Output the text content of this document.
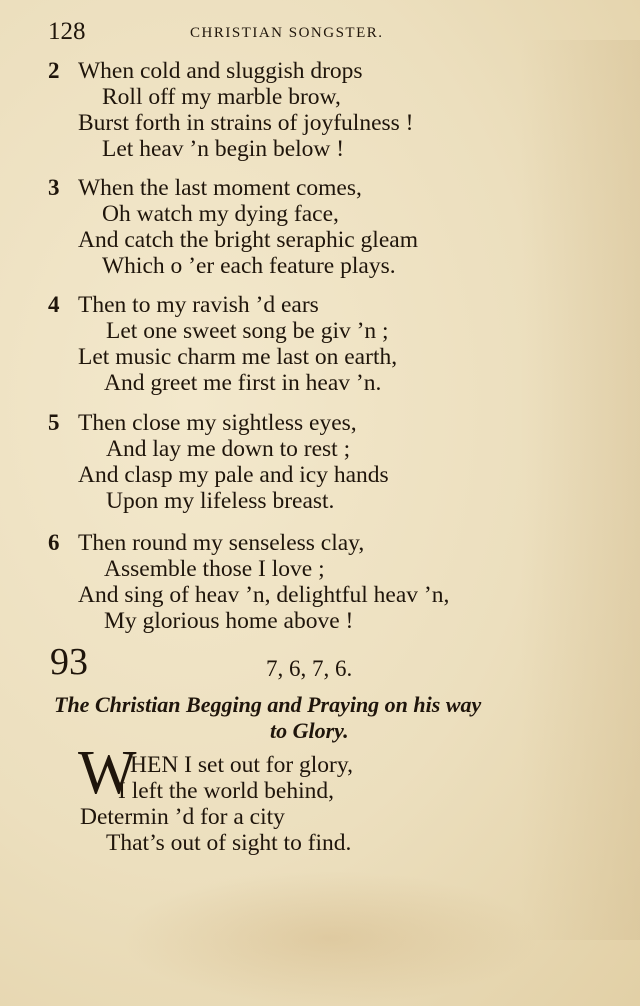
128	CHRISTIAN SONGSTER.
2 When cold and sluggish drops
Roll off my marble brow,
Burst forth in strains of joyfulness !
Let heav ’n begin below !
3 When the last moment comes,
Oh watch my dying face,
And catch the bright seraphic gleam
Which o ’er each feature plays.
4 Then to my ravish ’d ears
Let one sweet song be giv ’n ;
Let music charm me last on earth,
And greet me first in heav ’n.
5 Then close my sightless eyes,
And lay me down to rest ;
And clasp my pale and icy hands
Upon my lifeless breast.
6 Then round my senseless clay,
Assemble those I love ;
And sing of heav ’n, delightful heav ’n,
My glorious home above !
93	7, 6, 7, 6.
The Christian Begging and Praying on his way
to Glory.
W
HEN I set out for glory,
I left the world behind,
Determin ’d for a city
That’s out of sight to find.
